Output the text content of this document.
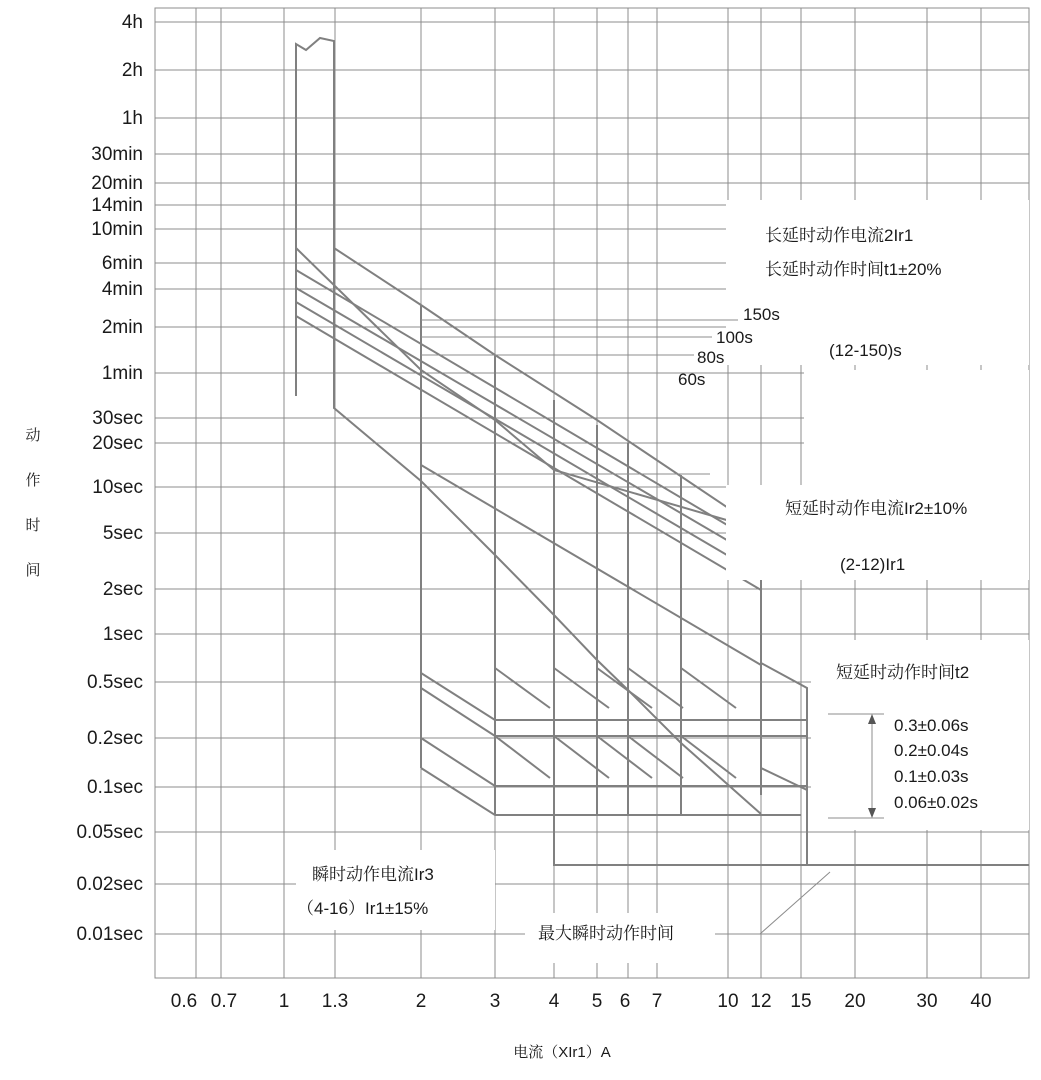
4h
2h
1h
30min
20min
14min
10min
6min
4min
2min
1min
30sec
20sec
10sec
5sec
2sec
1sec
0.5sec
0.2sec
0.1sec
0.05sec
0.02sec
0.01sec
0.6 0.7 1 1.3	2	3	4 5 6 7	10 12 15 20	30 40
动作时间
电流（XIr1）A
长延时动作电流2Ir1
长延时动作时间t1±20%
(12-150)s
150s
100s
80s
60s
短延时动作电流Ir2±10%
(2-12)Ir1
短延时动作时间t2
0.3±0.06s
0.2±0.04s
0.1±0.03s
0.06±0.02s
瞬时动作电流Ir3
（4-16）Ir1±15%
最大瞬时动作时间
